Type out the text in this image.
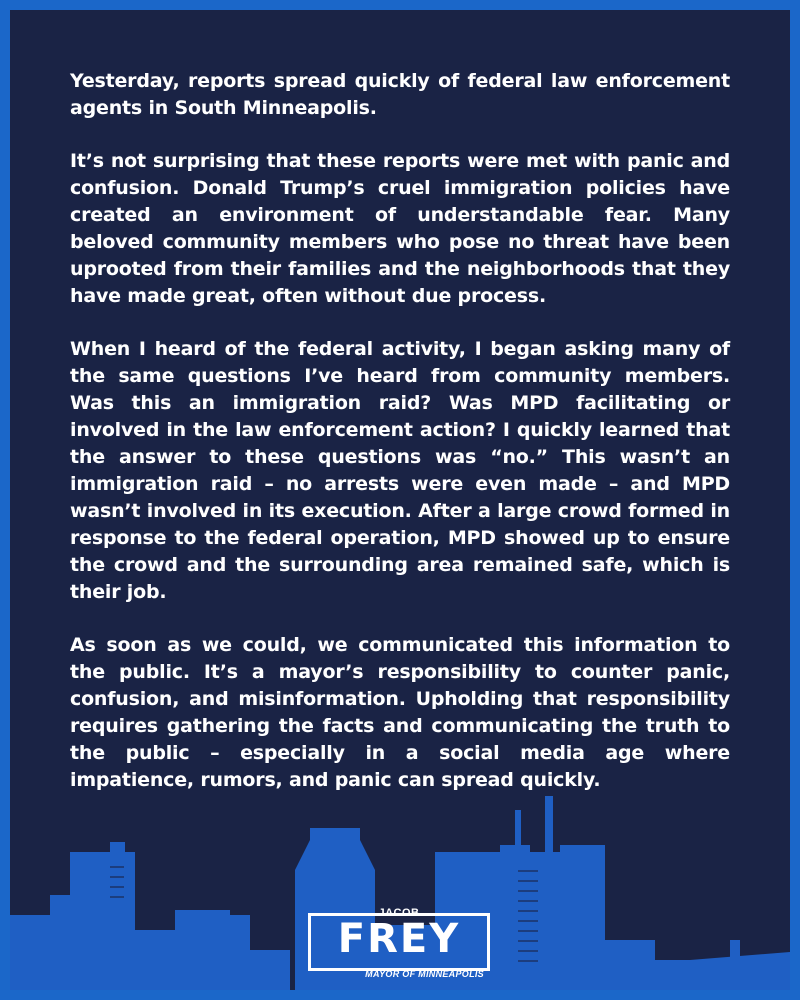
Yesterday, reports spread quickly of federal law enforcement agents in South Minneapolis.

It’s not surprising that these reports were met with panic and confusion. Donald Trump’s cruel immigration policies have created an environment of understandable fear. Many beloved community members who pose no threat have been uprooted from their families and the neighborhoods that they have made great, often without due process.

When I heard of the federal activity, I began asking many of the same questions I’ve heard from community members. Was this an immigration raid? Was MPD facilitating or involved in the law enforcement action? I quickly learned that the answer to these questions was “no.” This wasn’t an immigration raid – no arrests were even made – and MPD wasn’t involved in its execution. After a large crowd formed in response to the federal operation, MPD showed up to ensure the crowd and the surrounding area remained safe, which is their job.

As soon as we could, we communicated this information to the public. It’s a mayor’s responsibility to counter panic, confusion, and misinformation. Upholding that responsibility requires gathering the facts and communicating the truth to the public – especially in a social media age where impatience, rumors, and panic can spread quickly.

JACOB
FREY
MAYOR OF MINNEAPOLIS
